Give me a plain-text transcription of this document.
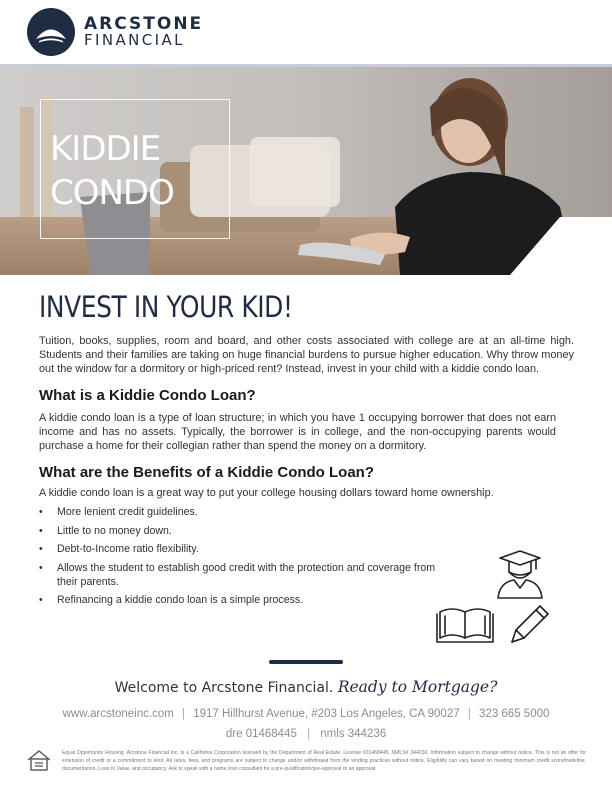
ARCSTONE
FINANCIAL
KIDDIE CONDO
INVEST IN YOUR KID!

Tuition, books, supplies, room and board, and other costs associated with college are at an all-time high. Students and their families are taking on huge financial burdens to pursue higher education. Why throw money out the window for a dormitory or high-priced rent? Instead, invest in your child with a kiddie condo loan.

What is a Kiddie Condo Loan?

A kiddie condo loan is a type of loan structure; in which you have 1 occupying borrower that does not earn income and has no assets. Typically, the borrower is in college, and the non-occupying parents would purchase a home for their collegian rather than spend the money on a dormitory.

What are the Benefits of a Kiddie Condo Loan?

A kiddie condo loan is a great way to put your college housing dollars toward home ownership.

• More lenient credit guidelines.
• Little to no money down.
• Debt-to-Income ratio flexibility.
• Allows the student to establish good credit with the protection and coverage from their parents.
• Refinancing a kiddie condo loan is a simple process.
Welcome to Arcstone Financial. Ready to Mortgage?
www.arcstoneinc.com | 1917 Hillhurst Avenue, #203 Los Angeles, CA 90027 | 323 665 5000
dre 01468445 | nmls 344236

Equal Opportunity Housing. Arcstone Financial Inc. is a California Corporation licensed by the Department of Real Estate, License #01468445, NMLS# 344236. Information subject to change without notice. This is not an offer for extension of credit or a commitment to lend. All rates, fees, and programs are subject to change and/or withdrawal from the lending practices without notice. Eligibility can vary based on meeting minimum credit score/tradeline, documentation, Loan to Value, and occupancy. Ask to speak with a home loan consultant for a pre-qualification/pre-approval or an approval.
